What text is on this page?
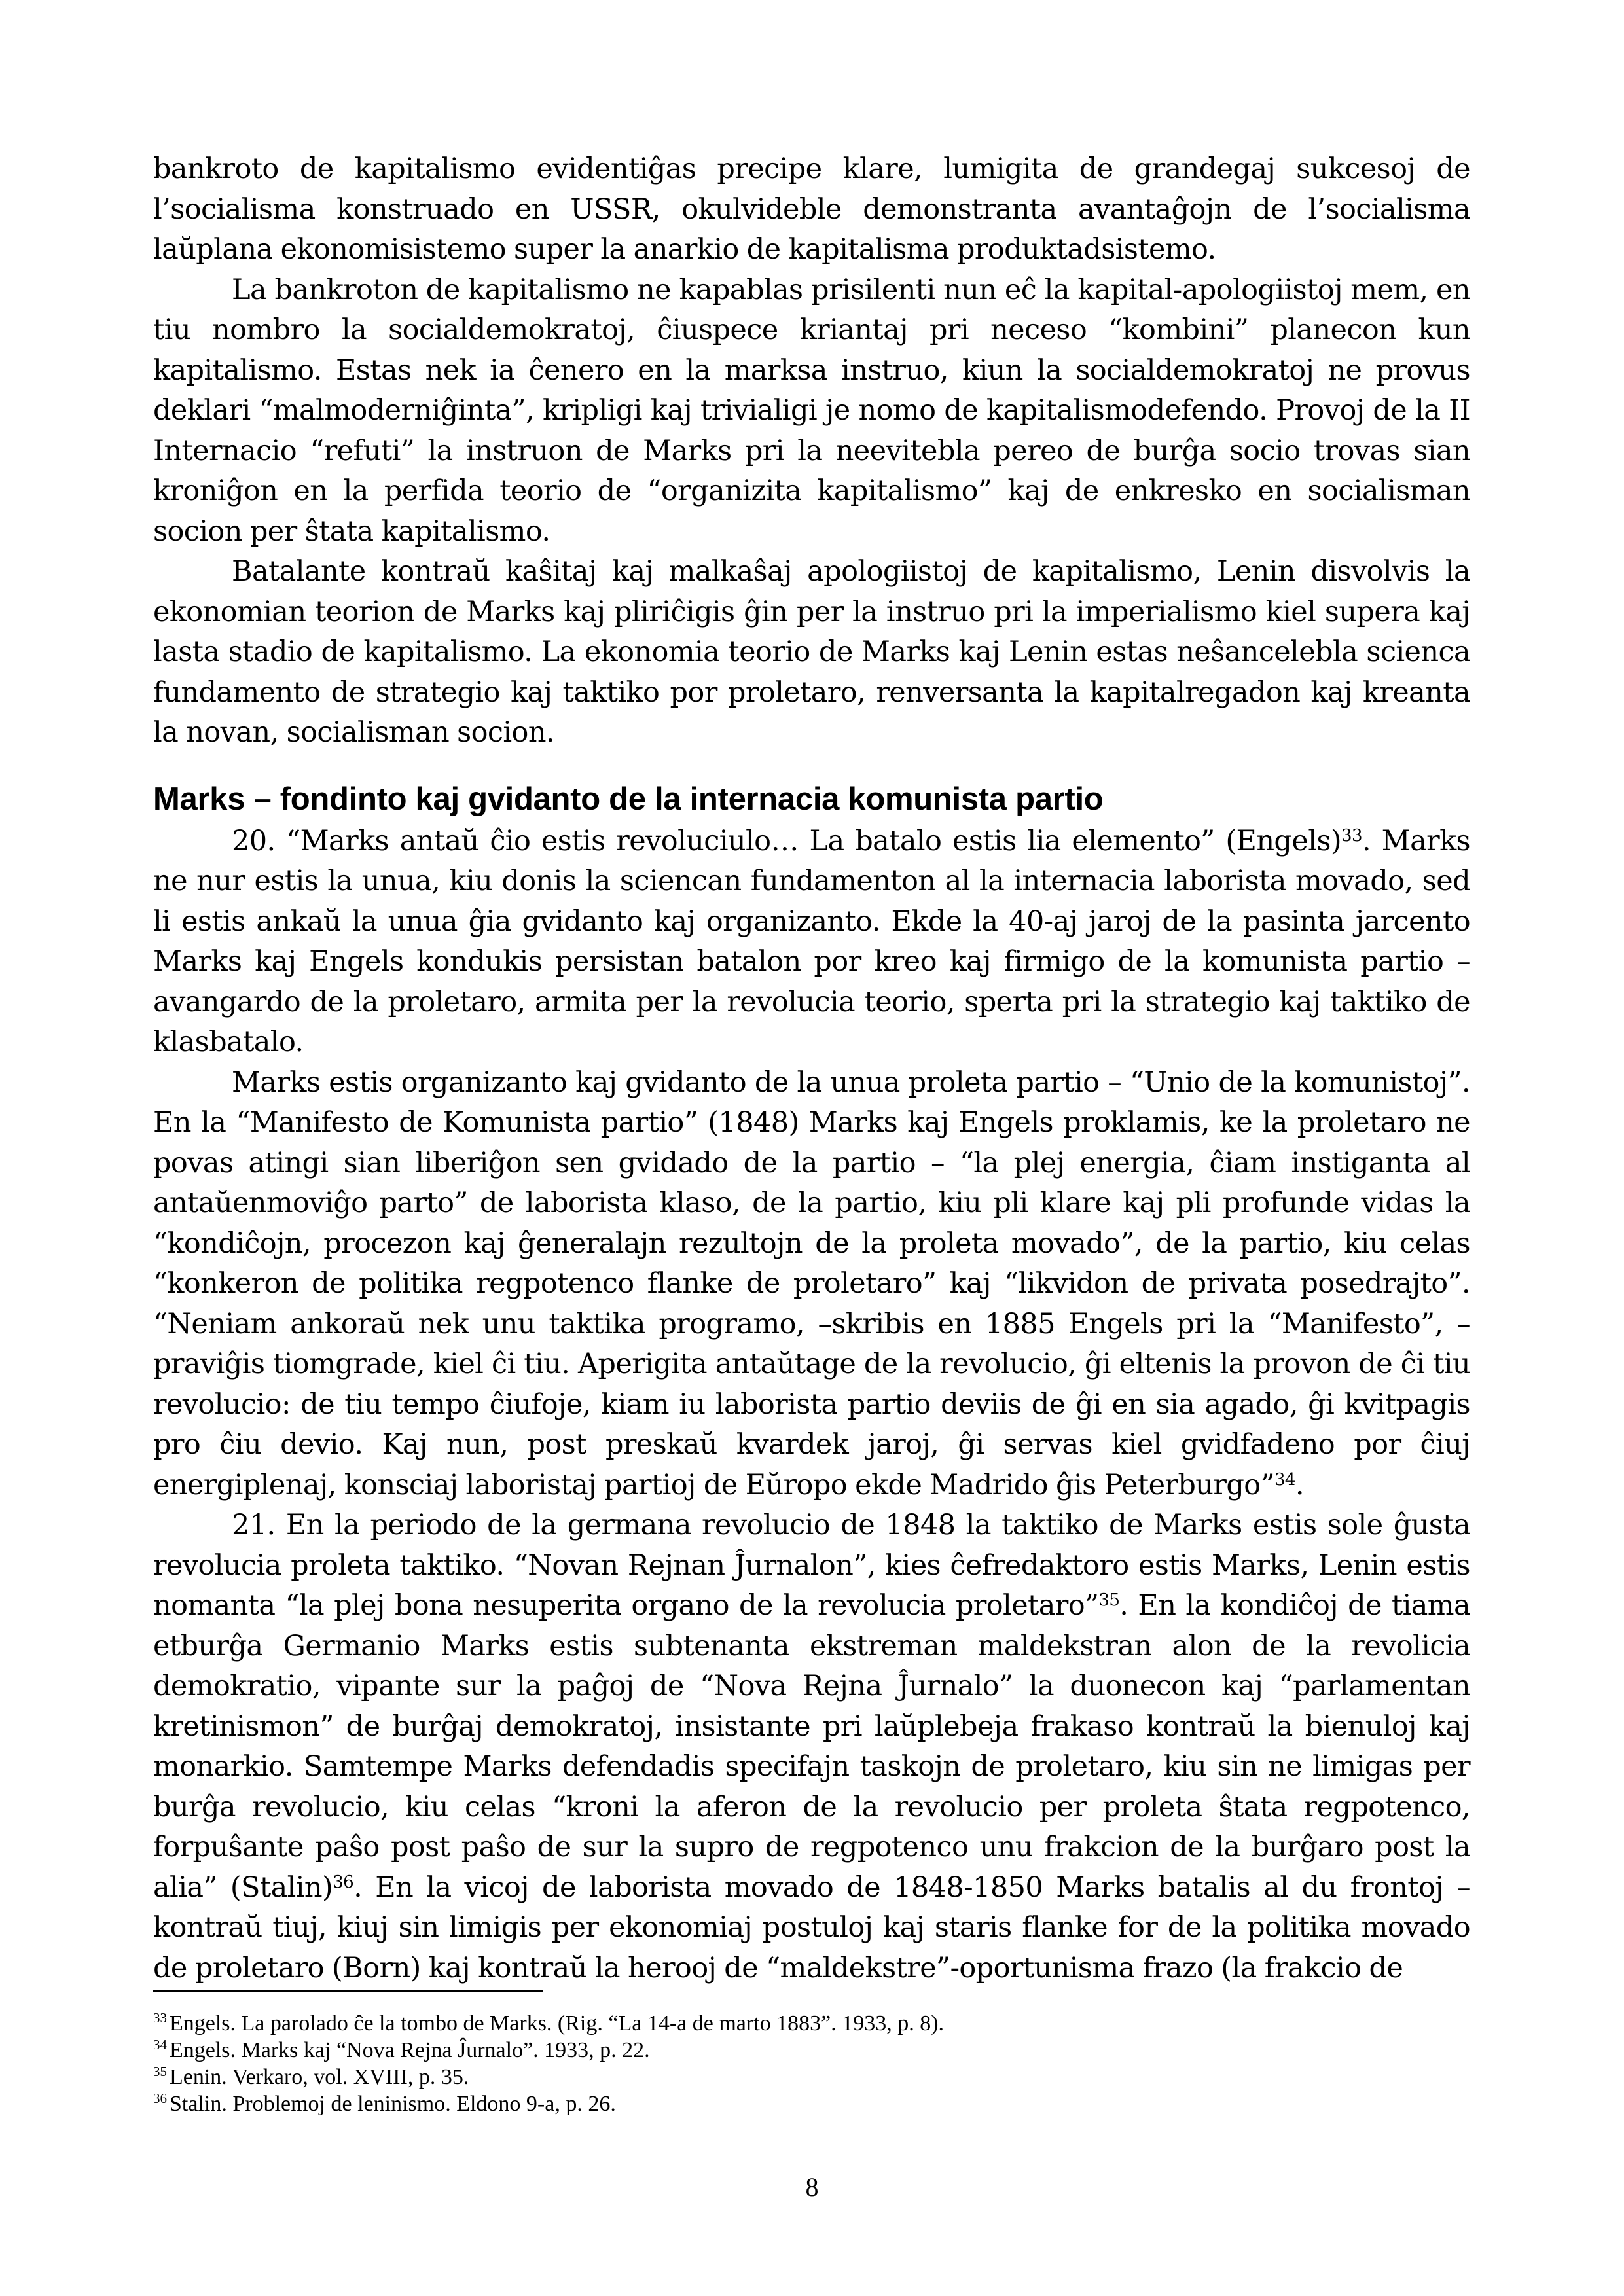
bankroto de kapitalismo evidentiĝas precipe klare, lumigita de grandegaj sukcesoj de l’socialisma konstruado en USSR, okulvideble demonstranta avantaĝojn de l’socialisma laŭplana ekonomisistemo super la anarkio de kapitalisma produktadsistemo.

La bankroton de kapitalismo ne kapablas prisilenti nun eĉ la kapital-apologiistoj mem, en tiu nombro la socialdemokratoj, ĉiuspece kriantaj pri neceso “kombini” planecon kun kapitalismo. Estas nek ia ĉenero en la marksa instruo, kiun la socialdemokratoj ne provus deklari “malmoderniĝinta”, kripligi kaj trivialigi je nomo de kapitalismodefendo. Provoj de la II Internacio “refuti” la instruon de Marks pri la neevitebla pereo de burĝa socio trovas sian kroniĝon en la perfida teorio de “organizita kapitalismo” kaj de enkresko en socialisman socion per ŝtata kapitalismo.

Batalante kontraŭ kaŝitaj kaj malkaŝaj apologiistoj de kapitalismo, Lenin disvolvis la ekonomian teorion de Marks kaj pliriĉigis ĝin per la instruo pri la imperialismo kiel supera kaj lasta stadio de kapitalismo. La ekonomia teorio de Marks kaj Lenin estas neŝancelebla scienca fundamento de strategio kaj taktiko por proletaro, renversanta la kapitalregadon kaj kreanta la novan, socialisman socion.

Marks – fondinto kaj gvidanto de la internacia komunista partio

20. “Marks antaŭ ĉio estis revoluciulo… La batalo estis lia elemento” (Engels)$^{33}$. Marks ne nur estis la unua, kiu donis la sciencan fundamenton al la internacia laborista movado, sed li estis ankaŭ la unua ĝia gvidanto kaj organizanto. Ekde la 40-aj jaroj de la pasinta jarcento Marks kaj Engels kondukis persistan batalon por kreo kaj firmigo de la komunista partio – avangardo de la proletaro, armita per la revolucia teorio, sperta pri la strategio kaj taktiko de klasbatalo.

Marks estis organizanto kaj gvidanto de la unua proleta partio – “Unio de la komunistoj”. En la “Manifesto de Komunista partio” (1848) Marks kaj Engels proklamis, ke la proletaro ne povas atingi sian liberiĝon sen gvidado de la partio – “la plej energia, ĉiam instiganta al antaŭenmoviĝo parto” de laborista klaso, de la partio, kiu pli klare kaj pli profunde vidas la “kondiĉojn, procezon kaj ĝeneralajn rezultojn de la proleta movado”, de la partio, kiu celas “konkeron de politika regpotenco flanke de proletaro” kaj “likvidon de privata posedrajto”. “Neniam ankoraŭ nek unu taktika programo, –skribis en 1885 Engels pri la “Manifesto”, –praviĝis tiomgrade, kiel ĉi tiu. Aperigita antaŭtage de la revolucio, ĝi eltenis la provon de ĉi tiu revolucio: de tiu tempo ĉiufoje, kiam iu laborista partio deviis de ĝi en sia agado, ĝi kvitpagis pro ĉiu devio. Kaj nun, post preskaŭ kvardek jaroj, ĝi servas kiel gvidfadeno por ĉiuj energiplenaj, konsciaj laboristaj partioj de Eŭropo ekde Madrido ĝis Peterburgo”$^{34}$.

21. En la periodo de la germana revolucio de 1848 la taktiko de Marks estis sole ĝusta revolucia proleta taktiko. “Novan Rejnan Ĵurnalon”, kies ĉefredaktoro estis Marks, Lenin estis nomanta “la plej bona nesuperita organo de la revolucia proletaro”$^{35}$. En la kondiĉoj de tiama etburĝa Germanio Marks estis subtenanta ekstreman maldekstran alon de la revolicia demokratio, vipante sur la paĝoj de “Nova Rejna Ĵurnalo” la duonecon kaj “parlamentan kretinismon” de burĝaj demokratoj, insistante pri laŭplebeja frakaso kontraŭ la bienuloj kaj monarkio. Samtempe Marks defendadis specifajn taskojn de proletaro, kiu sin ne limigas per burĝa revolucio, kiu celas “kroni la aferon de la revolucio per proleta ŝtata regpotenco, forpuŝante paŝo post paŝo de sur la supro de regpotenco unu frakcion de la burĝaro post la alia” (Stalin)$^{36}$. En la vicoj de laborista movado de 1848-1850 Marks batalis al du frontoj – kontraŭ tiuj, kiuj sin limigis per ekonomiaj postuloj kaj staris flanke for de la politika movado de proletaro (Born) kaj kontraŭ la herooj de “maldekstre”-oportunisma frazo (la frakcio de

$^{33}$ Engels. La parolado ĉe la tombo de Marks. (Rig. “La 14-a de marto 1883”. 1933, p. 8).

$^{34}$ Engels. Marks kaj “Nova Rejna Ĵurnalo”. 1933, p. 22.

$^{35}$ Lenin. Verkaro, vol. XVIII, p. 35.

$^{36}$ Stalin. Problemoj de leninismo. Eldono 9-a, p. 26.

8
